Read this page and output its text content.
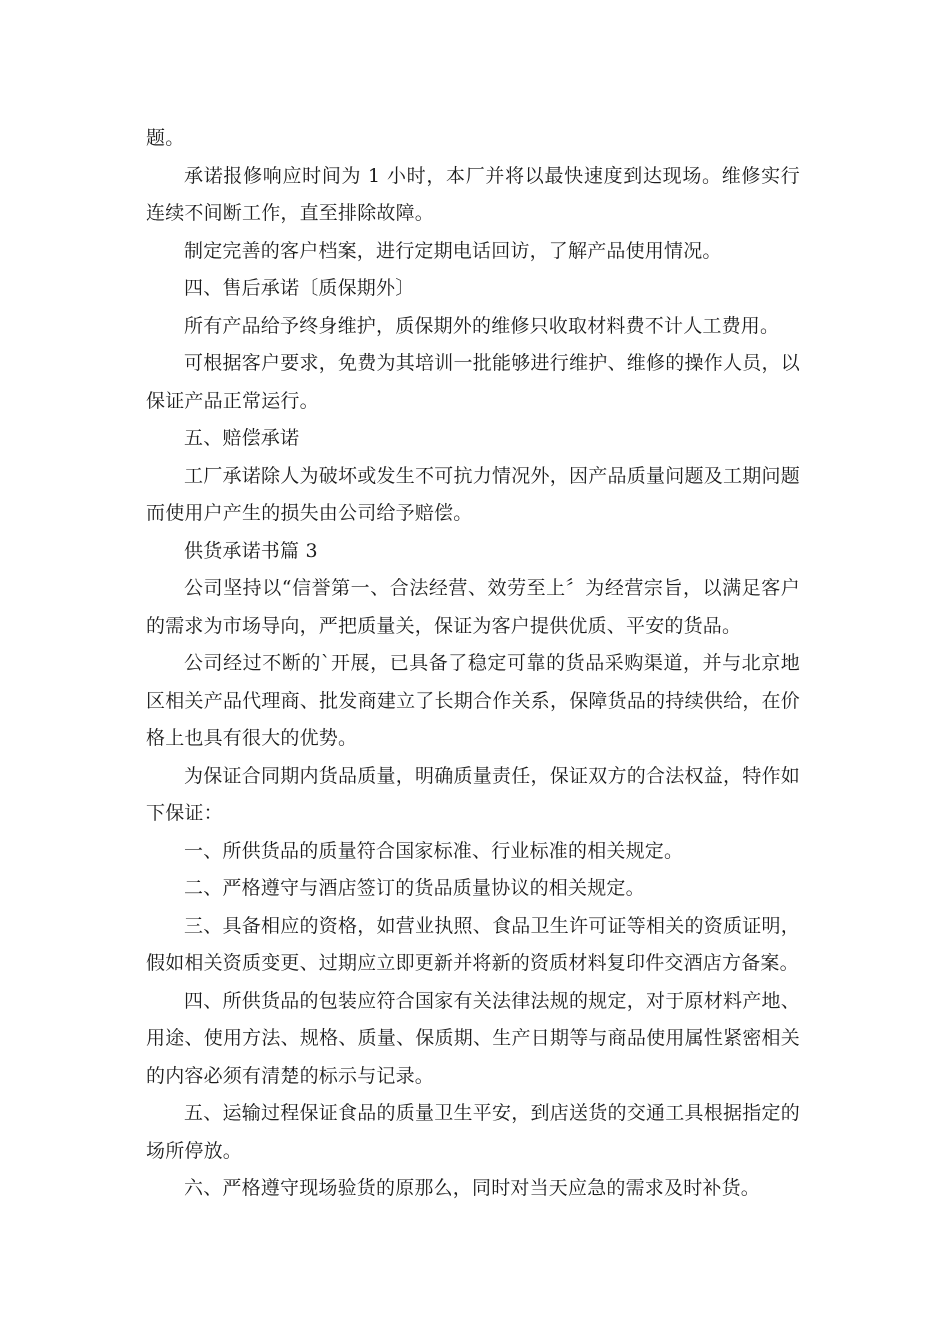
题。

承诺报修响应时间为 1 小时，本厂并将以最快速度到达现场。维修实行连续不间断工作，直至排除故障。

制定完善的客户档案，进行定期电话回访，了解产品使用情况。

四、售后承诺〔质保期外〕

所有产品给予终身维护，质保期外的维修只收取材料费不计人工费用。

可根据客户要求，免费为其培训一批能够进行维护、维修的操作人员，以保证产品正常运行。

五、赔偿承诺

工厂承诺除人为破坏或发生不可抗力情况外，因产品质量问题及工期问题而使用户产生的损失由公司给予赔偿。

供货承诺书篇 3

公司坚持以“信誉第一、合法经营、效劳至上〞为经营宗旨，以满足客户的需求为市场导向，严把质量关，保证为客户提供优质、平安的货品。

公司经过不断的`开展，已具备了稳定可靠的货品采购渠道，并与北京地区相关产品代理商、批发商建立了长期合作关系，保障货品的持续供给，在价格上也具有很大的优势。

为保证合同期内货品质量，明确质量责任，保证双方的合法权益，特作如下保证：

一、所供货品的质量符合国家标准、行业标准的相关规定。

二、严格遵守与酒店签订的货品质量协议的相关规定。

三、具备相应的资格，如营业执照、食品卫生许可证等相关的资质证明，假如相关资质变更、过期应立即更新并将新的资质材料复印件交酒店方备案。

四、所供货品的包装应符合国家有关法律法规的规定，对于原材料产地、用途、使用方法、规格、质量、保质期、生产日期等与商品使用属性紧密相关的内容必须有清楚的标示与记录。

五、运输过程保证食品的质量卫生平安，到店送货的交通工具根据指定的场所停放。

六、严格遵守现场验货的原那么，同时对当天应急的需求及时补货。
